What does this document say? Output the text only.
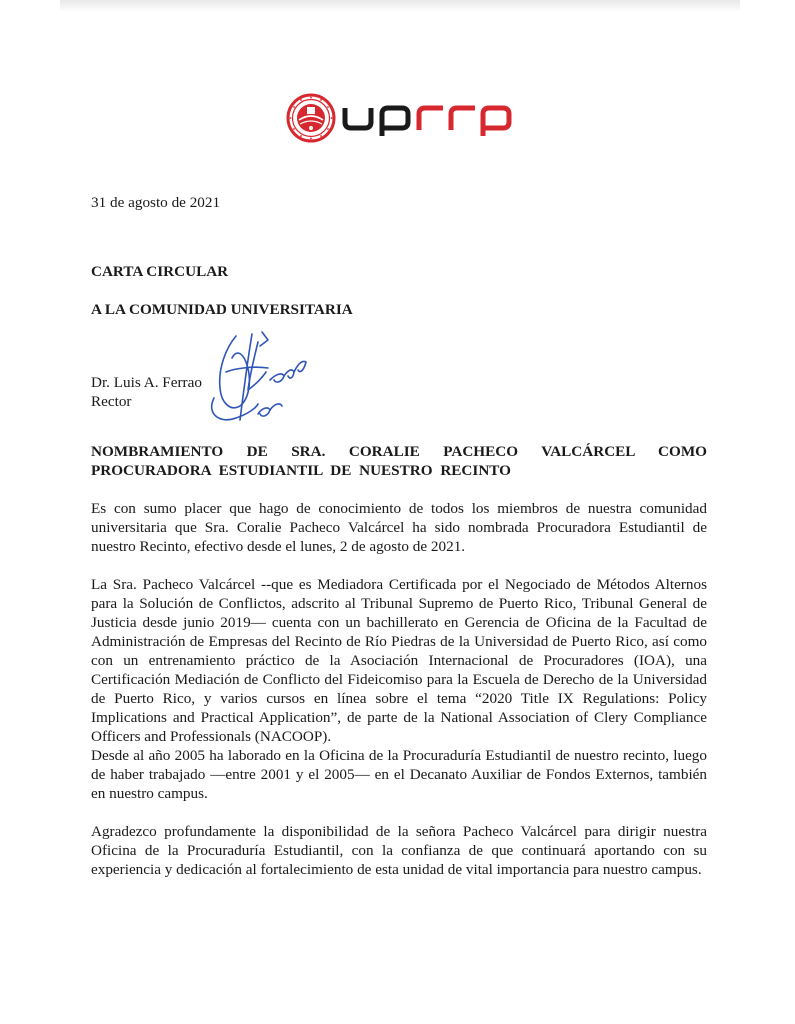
31 de agosto de 2021
CARTA CIRCULAR
A LA COMUNIDAD UNIVERSITARIA
Dr. Luis A. Ferrao
Rector
NOMBRAMIENTO DE SRA. CORALIE PACHECO VALCÁRCEL COMO PROCURADORA ESTUDIANTIL DE NUESTRO RECINTO
Es con sumo placer que hago de conocimiento de todos los miembros de nuestra comunidad universitaria que Sra. Coralie Pacheco Valcárcel ha sido nombrada Procuradora Estudiantil de nuestro Recinto, efectivo desde el lunes, 2 de agosto de 2021.
La Sra. Pacheco Valcárcel --que es Mediadora Certificada por el Negociado de Métodos Alternos para la Solución de Conflictos, adscrito al Tribunal Supremo de Puerto Rico, Tribunal General de Justicia desde junio 2019— cuenta con un bachillerato en Gerencia de Oficina de la Facultad de Administración de Empresas del Recinto de Río Piedras de la Universidad de Puerto Rico, así como con un entrenamiento práctico de la Asociación Internacional de Procuradores (IOA), una Certificación Mediación de Conflicto del Fideicomiso para la Escuela de Derecho de la Universidad de Puerto Rico, y varios cursos en línea sobre el tema “2020 Title IX Regulations: Policy Implications and Practical Application”, de parte de la National Association of Clery Compliance Officers and Professionals (NACOOP).
Desde al año 2005 ha laborado en la Oficina de la Procuraduría Estudiantil de nuestro recinto, luego de haber trabajado —entre 2001 y el 2005— en el Decanato Auxiliar de Fondos Externos, también en nuestro campus.
Agradezco profundamente la disponibilidad de la señora Pacheco Valcárcel para dirigir nuestra Oficina de la Procuraduría Estudiantil, con la confianza de que continuará aportando con su experiencia y dedicación al fortalecimiento de esta unidad de vital importancia para nuestro campus.
